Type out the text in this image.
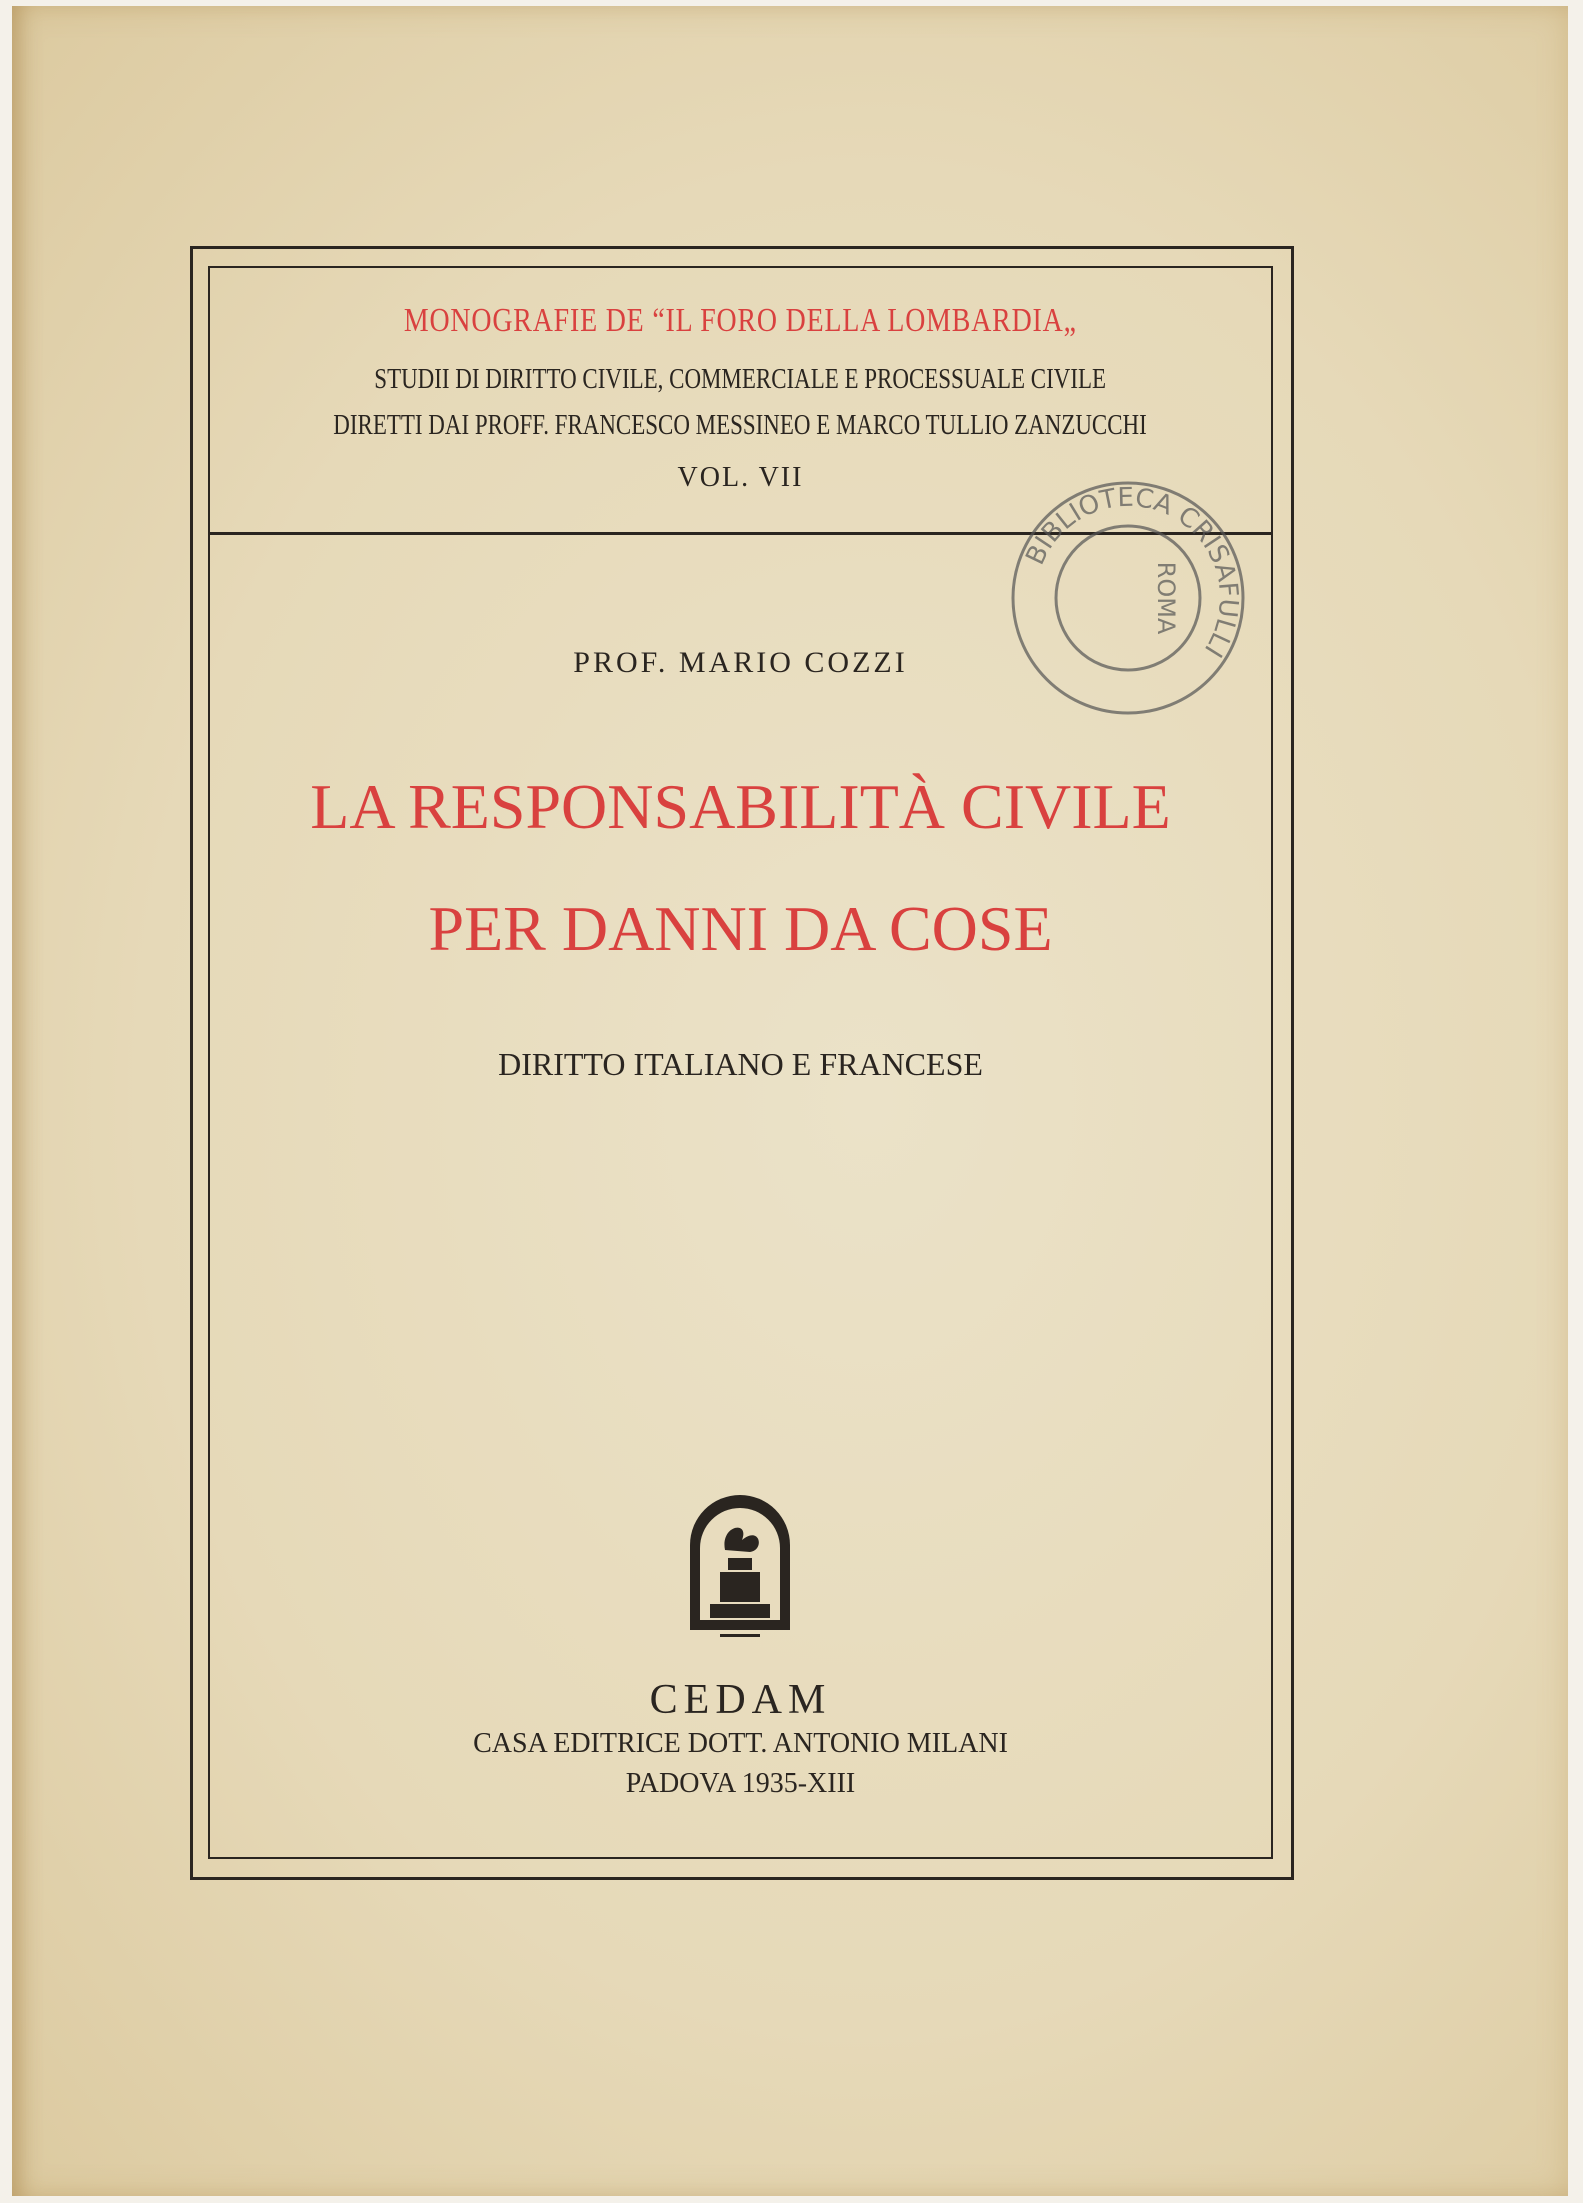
MONOGRAFIE DE “IL FORO DELLA LOMBARDIA„
STUDII DI DIRITTO CIVILE, COMMERCIALE E PROCESSUALE CIVILE
DIRETTI DAI PROFF. FRANCESCO MESSINEO E MARCO TULLIO ZANZUCCHI
VOL. VII
PROF. MARIO COZZI
LA RESPONSABILITÀ CIVILE
PER DANNI DA COSE
DIRITTO ITALIANO E FRANCESE
CEDAM
CASA EDITRICE DOTT. ANTONIO MILANI
PADOVA 1935-XIII
BIBLIOTECA CRISAFULLI
ROMA
